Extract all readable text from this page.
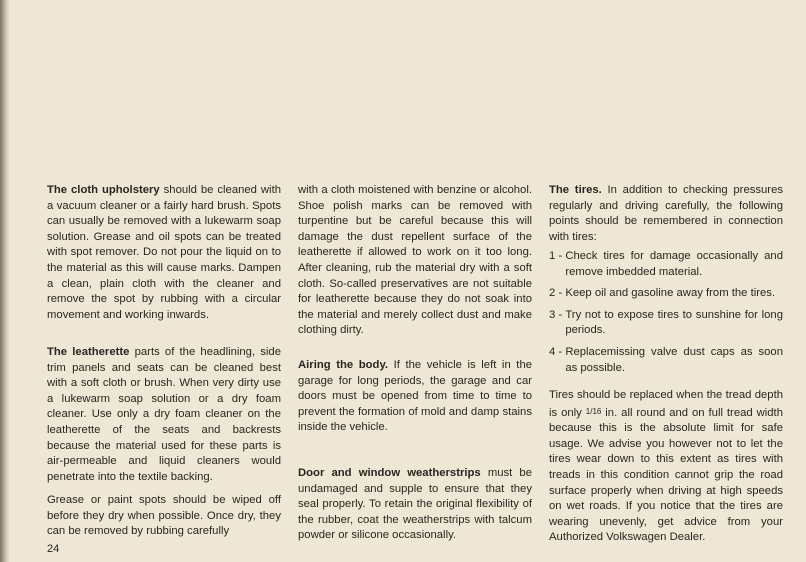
The cloth upholstery should be cleaned with a vacuum cleaner or a fairly hard brush. Spots can usually be removed with a lukewarm soap solution. Grease and oil spots can be treated with spot remover. Do not pour the liquid on to the material as this will cause marks. Dampen a clean, plain cloth with the cleaner and remove the spot by rubbing with a circular movement and working inwards.

The leatherette parts of the headlining, side trim panels and seats can be cleaned best with a soft cloth or brush. When very dirty use a lukewarm soap solution or a dry foam cleaner. Use only a dry foam cleaner on the leatherette of the seats and backrests because the material used for these parts is air-permeable and liquid cleaners would penetrate into the textile backing.

Grease or paint spots should be wiped off before they dry when possible. Once dry, they can be removed by rubbing carefully

with a cloth moistened with benzine or alcohol. Shoe polish marks can be removed with turpentine but be careful because this will damage the dust repellent surface of the leatherette if allowed to work on it too long. After cleaning, rub the material dry with a soft cloth. So-called preservatives are not suitable for leatherette because they do not soak into the material and merely collect dust and make clothing dirty.

Airing the body. If the vehicle is left in the garage for long periods, the garage and car doors must be opened from time to time to prevent the formation of mold and damp stains inside the vehicle.

Door and window weatherstrips must be undamaged and supple to ensure that they seal properly. To retain the original flexibility of the rubber, coat the weatherstrips with talcum powder or silicone occasionally.

The tires. In addition to checking pressures regularly and driving carefully, the following points should be remembered in connection with tires:

1 - Check tires for damage occasionally and remove imbedded material.
2 - Keep oil and gasoline away from the tires.
3 - Try not to expose tires to sunshine for long periods.
4 - Replacemissing valve dust caps as soon as possible.

Tires should be replaced when the tread depth is only 1/16 in. all round and on full tread width because this is the absolute limit for safe usage. We advise you however not to let the tires wear down to this extent as tires with treads in this condition cannot grip the road surface properly when driving at high speeds on wet roads. If you notice that the tires are wearing unevenly, get advice from your Authorized Volkswagen Dealer.

24
